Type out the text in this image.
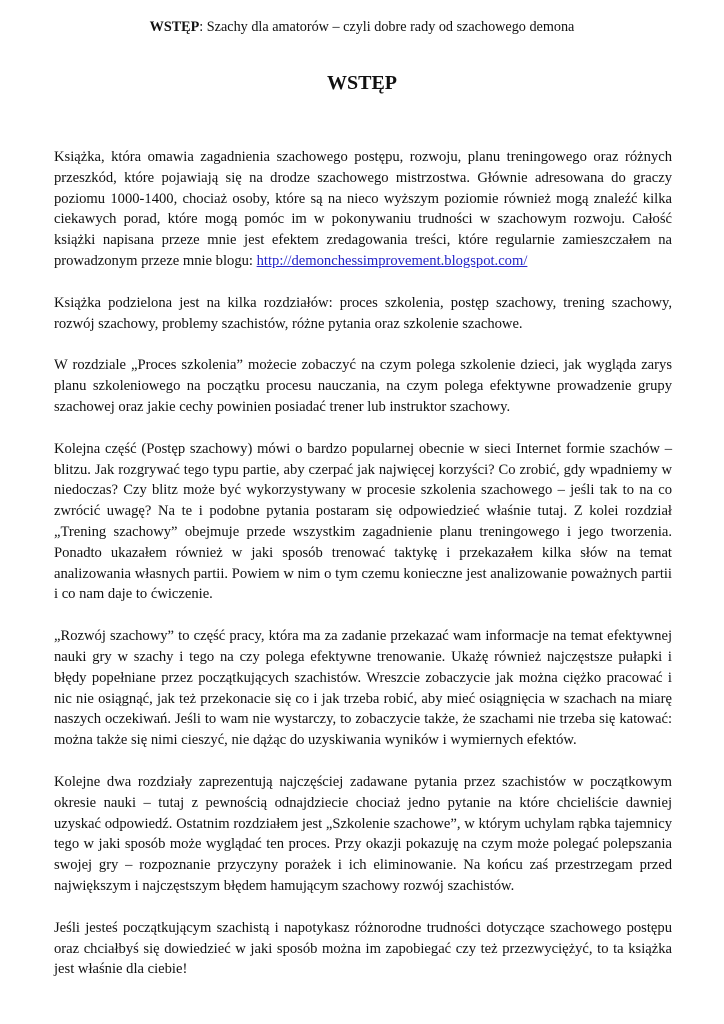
WSTĘP: Szachy dla amatorów – czyli dobre rady od szachowego demona
WSTĘP

Książka, która omawia zagadnienia szachowego postępu, rozwoju, planu treningowego oraz różnych przeszkód, które pojawiają się na drodze szachowego mistrzostwa. Głównie adresowana do graczy poziomu 1000-1400, chociaż osoby, które są na nieco wyższym poziomie również mogą znaleźć kilka ciekawych porad, które mogą pomóc im w pokonywaniu trudności w szachowym rozwoju. Całość książki napisana przeze mnie jest efektem zredagowania treści, które regularnie zamieszczałem na prowadzonym przeze mnie blogu: http://demonchessimprovement.blogspot.com/

Książka podzielona jest na kilka rozdziałów: proces szkolenia, postęp szachowy, trening szachowy, rozwój szachowy, problemy szachistów, różne pytania oraz szkolenie szachowe.

W rozdziale „Proces szkolenia” możecie zobaczyć na czym polega szkolenie dzieci, jak wygląda zarys planu szkoleniowego na początku procesu nauczania, na czym polega efektywne prowadzenie grupy szachowej oraz jakie cechy powinien posiadać trener lub instruktor szachowy.

Kolejna część (Postęp szachowy) mówi o bardzo popularnej obecnie w sieci Internet formie szachów – blitzu. Jak rozgrywać tego typu partie, aby czerpać jak najwięcej korzyści? Co zrobić, gdy wpadniemy w niedoczas? Czy blitz może być wykorzystywany w procesie szkolenia szachowego – jeśli tak to na co zwrócić uwagę? Na te i podobne pytania postaram się odpowiedzieć właśnie tutaj. Z kolei rozdział „Trening szachowy” obejmuje przede wszystkim zagadnienie planu treningowego i jego tworzenia. Ponadto ukazałem również w jaki sposób trenować taktykę i przekazałem kilka słów na temat analizowania własnych partii. Powiem w nim o tym czemu konieczne jest analizowanie poważnych partii i co nam daje to ćwiczenie.

„Rozwój szachowy” to część pracy, która ma za zadanie przekazać wam informacje na temat efektywnej nauki gry w szachy i tego na czy polega efektywne trenowanie. Ukażę również najczęstsze pułapki i błędy popełniane przez początkujących szachistów. Wreszcie zobaczycie jak można ciężko pracować i nic nie osiągnąć, jak też przekonacie się co i jak trzeba robić, aby mieć osiągnięcia w szachach na miarę naszych oczekiwań. Jeśli to wam nie wystarczy, to zobaczycie także, że szachami nie trzeba się katować: można także się nimi cieszyć, nie dążąc do uzyskiwania wyników i wymiernych efektów.

Kolejne dwa rozdziały zaprezentują najczęściej zadawane pytania przez szachistów w początkowym okresie nauki – tutaj z pewnością odnajdziecie chociaż jedno pytanie na które chcieliście dawniej uzyskać odpowiedź. Ostatnim rozdziałem jest „Szkolenie szachowe”, w którym uchylam rąbka tajemnicy tego w jaki sposób może wyglądać ten proces. Przy okazji pokazuję na czym może polegać polepszania swojej gry – rozpoznanie przyczyny porażek i ich eliminowanie. Na końcu zaś przestrzegam przed największym i najczęstszym błędem hamującym szachowy rozwój szachistów.

Jeśli jesteś początkującym szachistą i napotykasz różnorodne trudności dotyczące szachowego postępu oraz chciałbyś się dowiedzieć w jaki sposób można im zapobiegać czy też przezwyciężyć, to ta książka jest właśnie dla ciebie!
